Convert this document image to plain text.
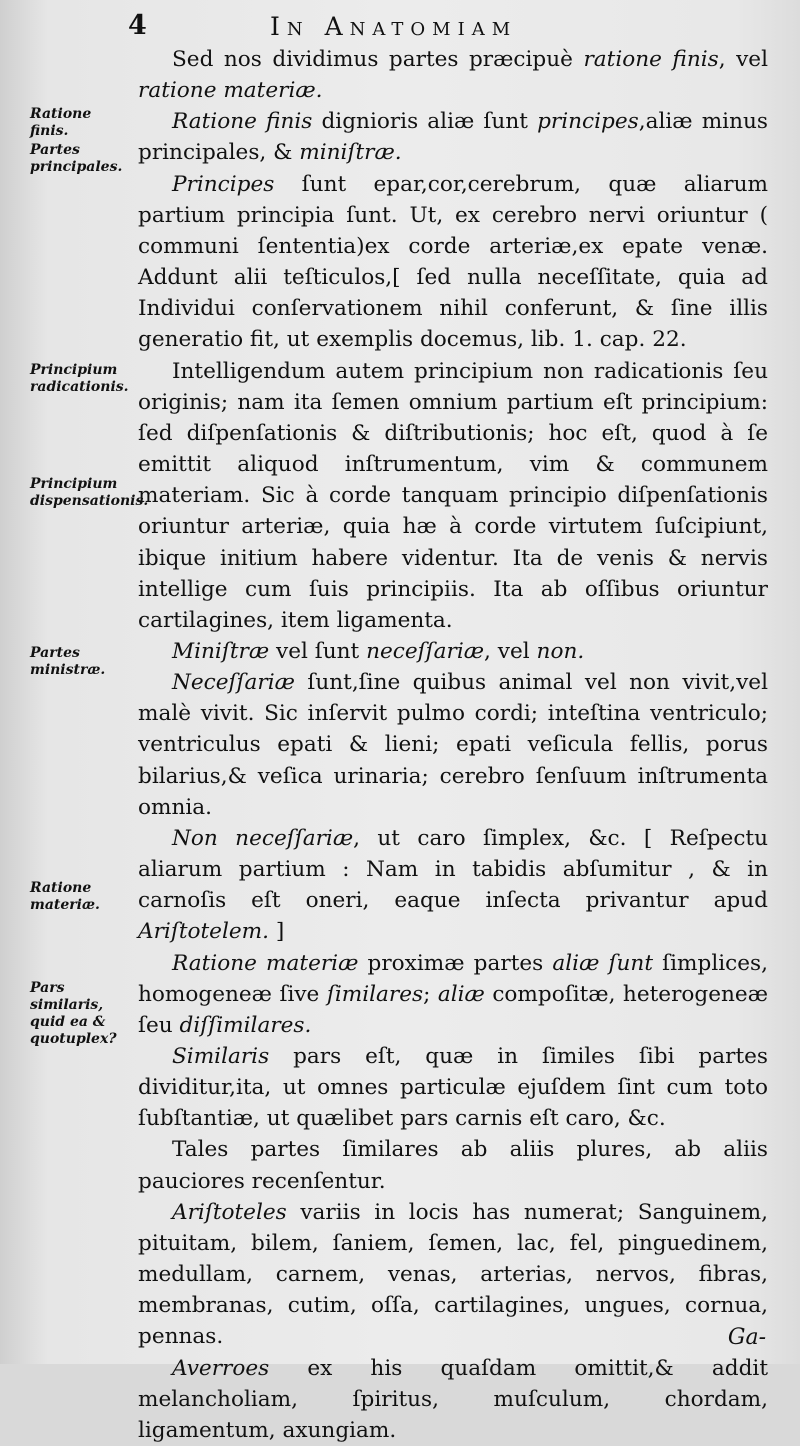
4	In Anatomiam
Ratione finis.
Partes principales.
Principium radicationis.
Principium dispensationis.
Partes ministræ.
Ratione materiæ.
Pars similaris, quid ea & quotuplex?

Sed nos dividimus partes præcipuè ratione finis, vel ratione materiæ.

Ratione finis dignioris aliæ ſunt principes,aliæ minus principales, & miniſtræ.

Principes ſunt epar,cor,cerebrum, quæ aliarum partium principia ſunt. Ut, ex cerebro nervi oriuntur ( communi ſententia)ex corde arteriæ,ex epate venæ. Addunt alii teſticulos,[ ſed nulla neceſſitate, quia ad Individui conſervationem nihil conferunt, & ſine illis generatio fit, ut exemplis docemus, lib. 1. cap. 22.

Intelligendum autem principium non radicationis ſeu originis; nam ita ſemen omnium partium eſt principium: ſed diſpenſationis & diſtributionis; hoc eſt, quod à ſe emittit aliquod inſtrumentum, vim & communem materiam. Sic à corde tanquam principio diſpenſationis oriuntur arteriæ, quia hæ à corde virtutem ſuſcipiunt, ibique initium habere videntur. Ita de venis & nervis intellige cum ſuis principiis. Ita ab oſſibus oriuntur cartilagines, item ligamenta.

Miniſtræ vel ſunt neceſſariæ, vel non.

Neceſſariæ ſunt,ſine quibus animal vel non vivit,vel malè vivit. Sic inſervit pulmo cordi; inteſtina ventriculo; ventriculus epati & lieni; epati veſicula fellis, porus bilarius,& veſica urinaria; cerebro ſenſuum inſtrumenta omnia.

Non neceſſariæ, ut caro ſimplex, &c. [ Reſpectu aliarum partium : Nam in tabidis abſumitur , & in carnoſis eſt oneri, eaque inſecta privantur apud Ariſtotelem. ]

Ratione materiæ proximæ partes aliæ ſunt ſimplices, homogeneæ ſive ſimilares; aliæ compoſitæ, heterogeneæ ſeu diſſimilares.

Similaris pars eſt, quæ in ſimiles ſibi partes dividitur,ita, ut omnes particulæ ejuſdem ſint cum toto ſubſtantiæ, ut quælibet pars carnis eſt caro, &c.

Tales partes ſimilares ab aliis plures, ab aliis pauciores recenſentur.

Ariſtoteles variis in locis has numerat; Sanguinem, pituitam, bilem, ſaniem, ſemen, lac, fel, pinguedinem, medullam, carnem, venas, arterias, nervos, fibras, membranas, cutim, oſſa, cartilagines, ungues, cornua, pennas.

Averroes ex his quaſdam omittit,& addit melancholiam, ſpiritus, muſculum, chordam, ligamentum, axungiam.

Ga-
